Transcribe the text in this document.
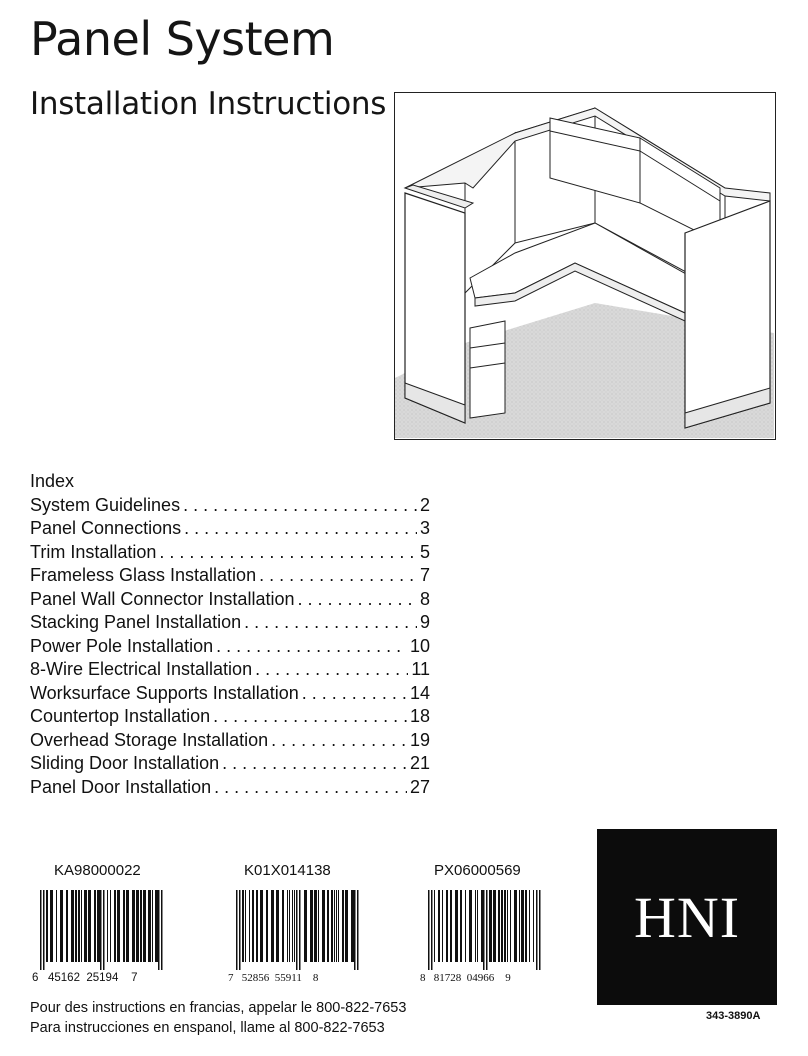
Panel System
Installation Instructions
Index
System Guidelines . . .	2
Panel Connections . . .	3
Trim Installation . . .	5
Frameless Glass Installation . . .	7
Panel Wall Connector Installation . . .	8
Stacking Panel Installation . . .	9
Power Pole Installation . . .	10
8-Wire Electrical Installation . . .	11
Worksurface Supports Installation . . .	14
Countertop Installation . . .	18
Overhead Storage Installation . . .	19
Sliding Door Installation . . .	21
Panel Door Installation . . .	27
KA98000022
6 45162 25194 7
K01X014138
7 52856 55911 8
PX06000569
8 81728 04966 9
HNI
Pour des instructions en francias, appelar le 800-822-7653
Para instrucciones en enspanol, llame al 800-822-7653
343-3890A
